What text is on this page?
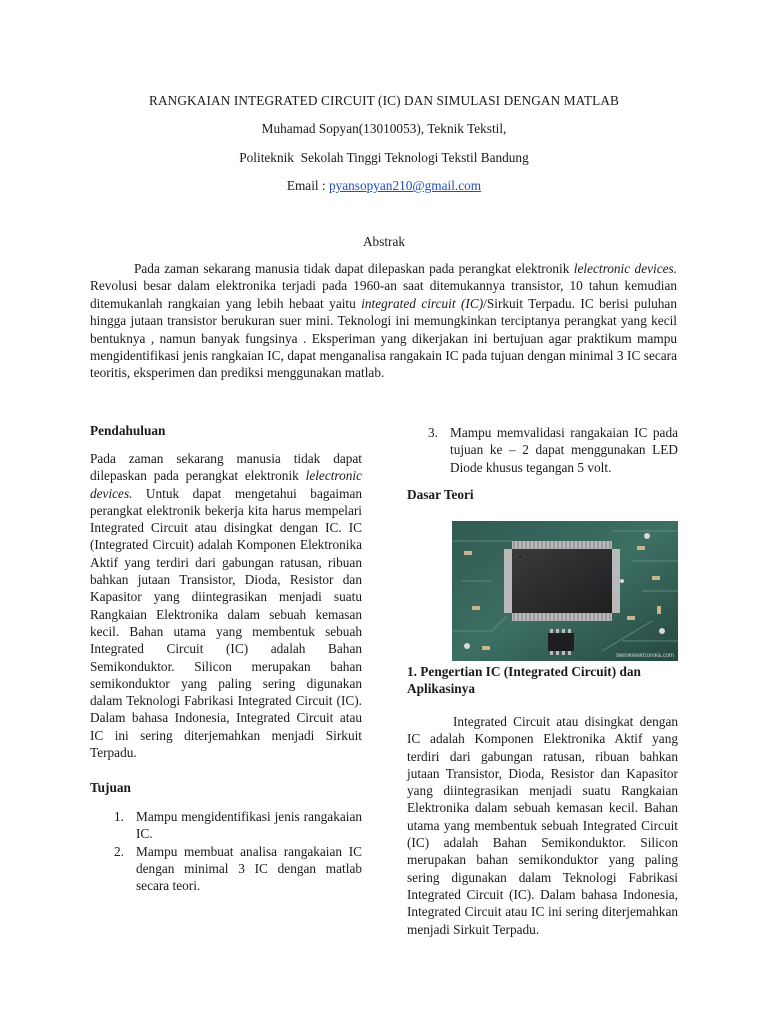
RANGKAIAN INTEGRATED CIRCUIT (IC) DAN SIMULASI DENGAN MATLAB
Muhamad Sopyan(13010053), Teknik Tekstil,
Politeknik  Sekolah Tinggi Teknologi Tekstil Bandung
Email : pyansopyan210@gmail.com
Abstrak
Pada zaman sekarang manusia tidak dapat dilepaskan pada perangkat elektronik lelectronic devices. Revolusi besar dalam elektronika terjadi pada 1960-an saat ditemukannya transistor, 10 tahun kemudian ditemukanlah rangkaian yang lebih hebaat yaitu integrated circuit (IC)/Sirkuit Terpadu. IC berisi puluhan hingga jutaan transistor berukuran suer mini. Teknologi ini memungkinkan terciptanya perangkat yang kecil bentuknya , namun banyak fungsinya . Eksperiman yang dikerjakan ini bertujuan agar praktikum mampu mengidentifikasi jenis rangkaian IC, dapat menganalisa rangakain IC pada tujuan dengan minimal 3 IC secara teoritis, eksperimen dan prediksi menggunakan matlab.
Pendahuluan
Pada zaman sekarang manusia tidak dapat dilepaskan pada perangkat elektronik lelectronic devices. Untuk dapat mengetahui bagaiman perangkat elektronik bekerja kita harus mempelari Integrated Circuit atau disingkat dengan IC. IC (Integrated Circuit) adalah Komponen Elektronika Aktif yang terdiri dari gabungan ratusan, ribuan bahkan jutaan Transistor, Dioda, Resistor dan Kapasitor yang diintegrasikan menjadi suatu Rangkaian Elektronika dalam sebuah kemasan kecil. Bahan utama yang membentuk sebuah Integrated Circuit (IC) adalah Bahan Semikonduktor. Silicon merupakan bahan semikonduktor yang paling sering digunakan dalam Teknologi Fabrikasi Integrated Circuit (IC). Dalam bahasa Indonesia, Integrated Circuit atau IC ini sering diterjemahkan menjadi Sirkuit Terpadu.
Tujuan
1. Mampu mengidentifikasi jenis rangakaian IC.
2. Mampu membuat analisa rangakaian IC dengan minimal 3 IC dengan matlab secara teori.
3. Mampu memvalidasi rangakaian IC pada tujuan ke – 2 dapat menggunakan LED Diode khusus tegangan 5 volt.
Dasar Teori
teknikelektronika.com
1. Pengertian IC (Integrated Circuit) dan Aplikasinya
Integrated Circuit atau disingkat dengan IC adalah Komponen Elektronika Aktif yang terdiri dari gabungan ratusan, ribuan bahkan jutaan Transistor, Dioda, Resistor dan Kapasitor yang diintegrasikan menjadi suatu Rangkaian Elektronika dalam sebuah kemasan kecil. Bahan utama yang membentuk sebuah Integrated Circuit (IC) adalah Bahan Semikonduktor. Silicon merupakan bahan semikonduktor yang paling sering digunakan dalam Teknologi Fabrikasi Integrated Circuit (IC). Dalam bahasa Indonesia, Integrated Circuit atau IC ini sering diterjemahkan menjadi Sirkuit Terpadu.
